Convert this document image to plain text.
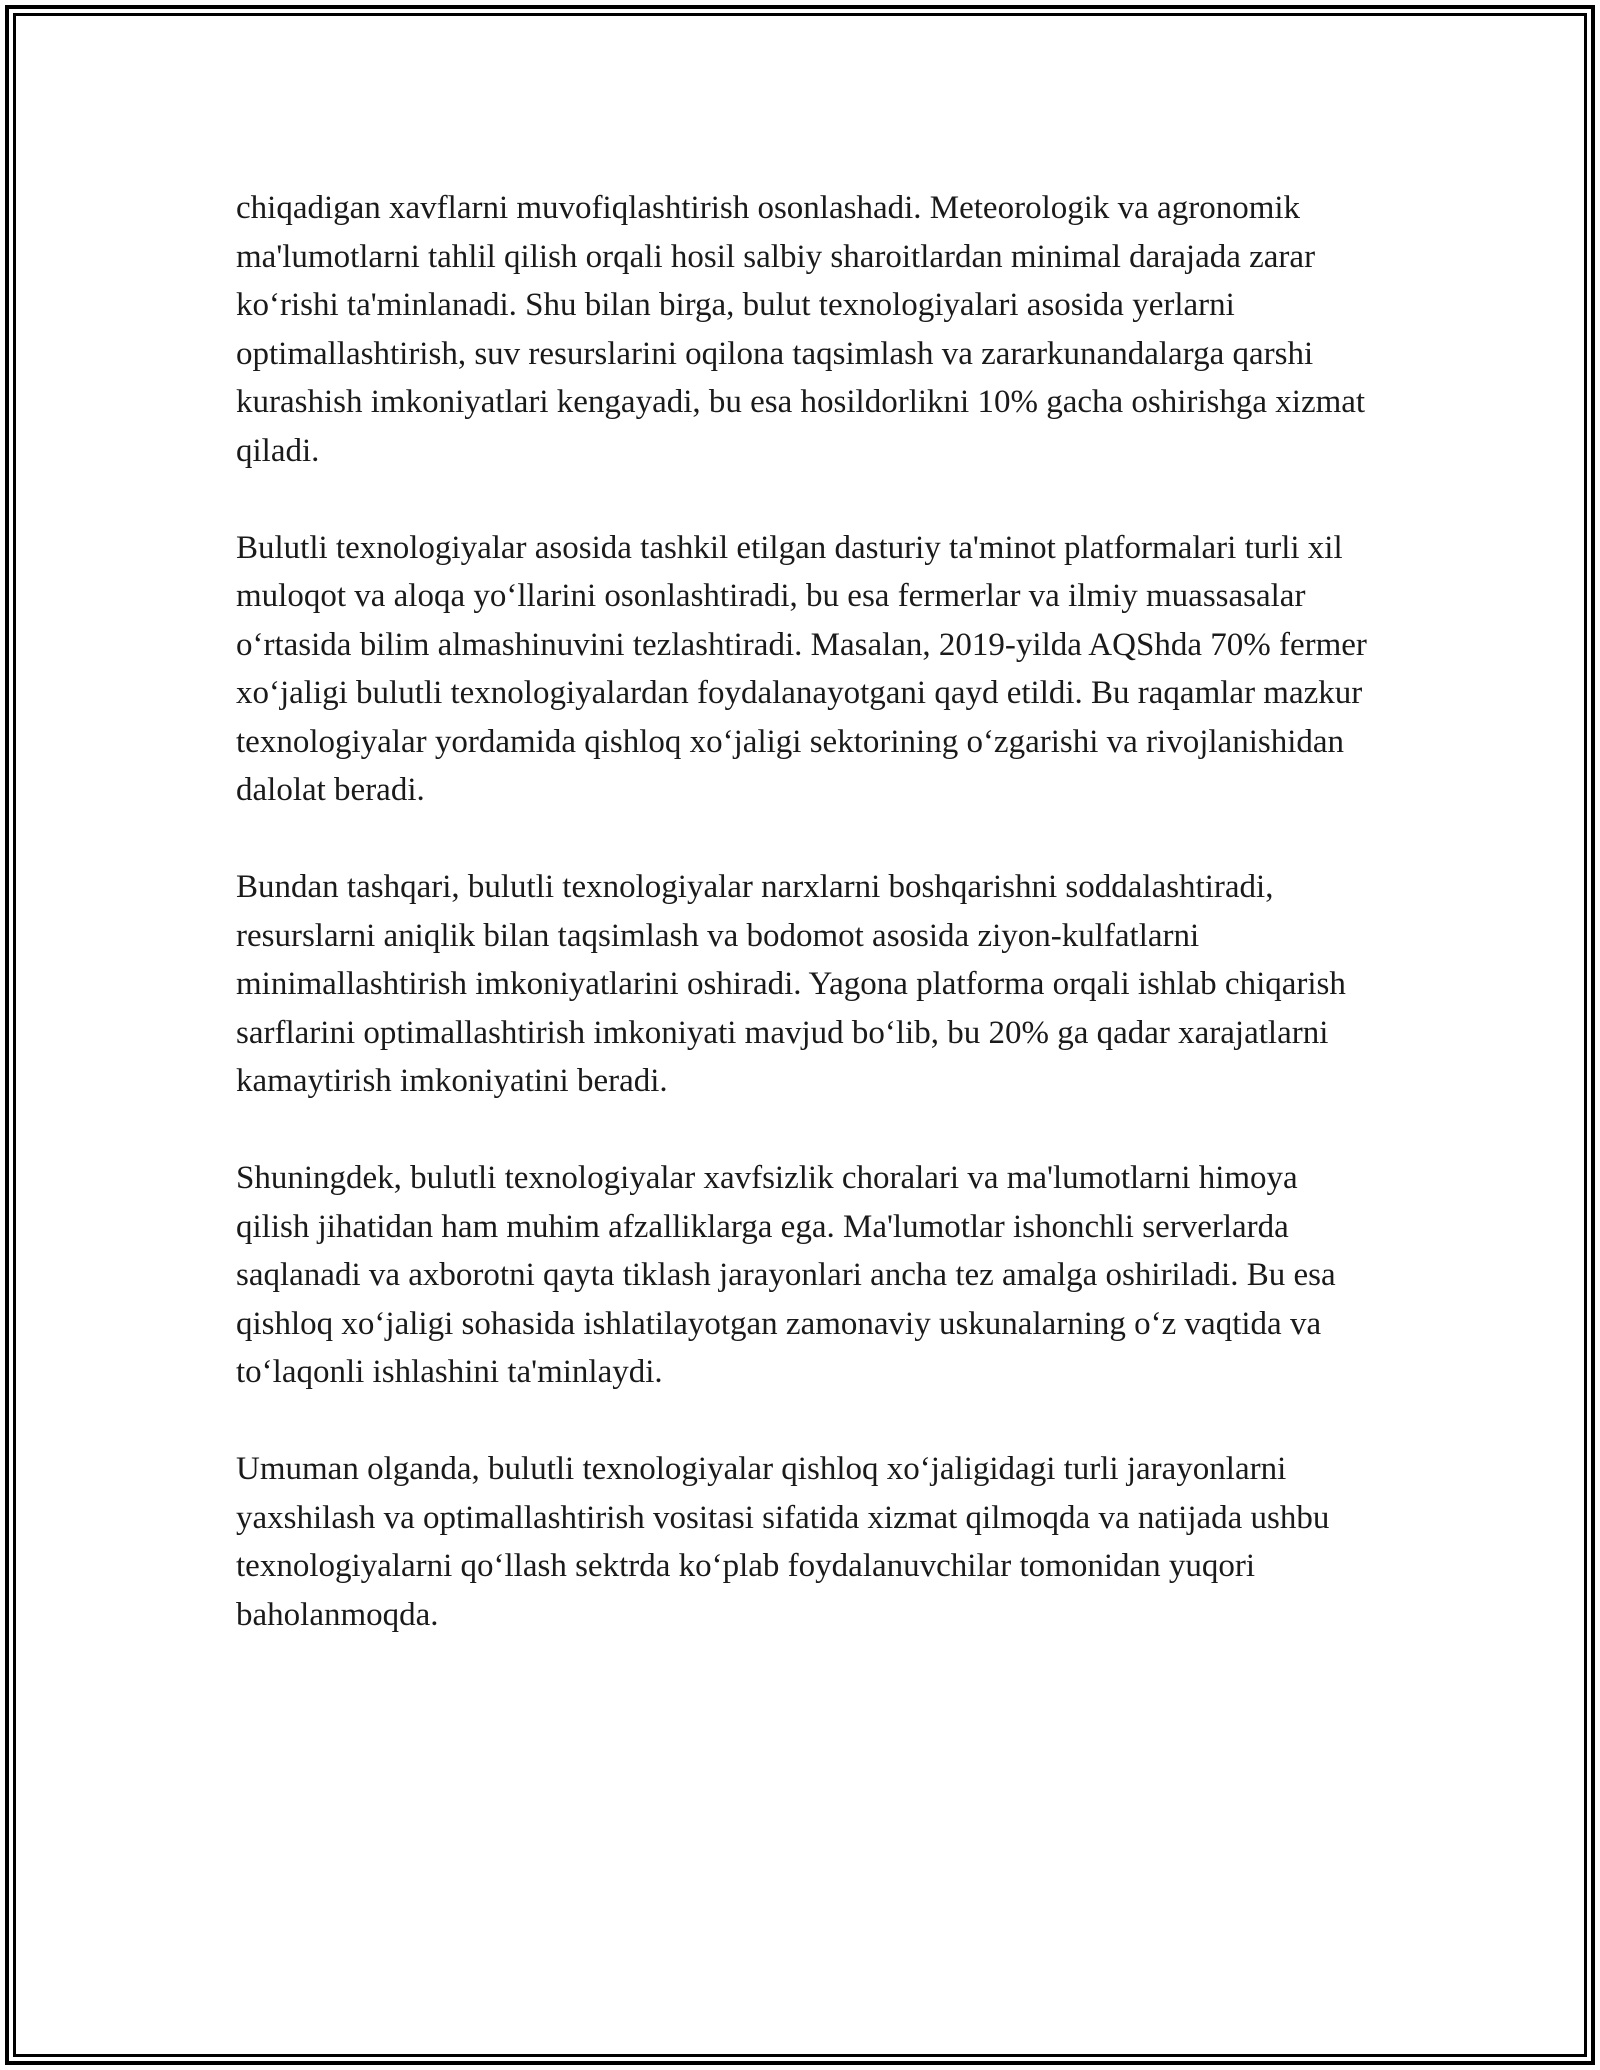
chiqadigan xavflarni muvofiqlashtirish osonlashadi. Meteorologik va agronomik ma'lumotlarni tahlil qilish orqali hosil salbiy sharoitlardan minimal darajada zarar ko‘rishi ta'minlanadi. Shu bilan birga, bulut texnologiyalari asosida yerlarni optimallashtirish, suv resurslarini oqilona taqsimlash va zararkunandalarga qarshi kurashish imkoniyatlari kengayadi, bu esa hosildorlikni 10% gacha oshirishga xizmat qiladi.

Bulutli texnologiyalar asosida tashkil etilgan dasturiy ta'minot platformalari turli xil muloqot va aloqa yo‘llarini osonlashtiradi, bu esa fermerlar va ilmiy muassasalar o‘rtasida bilim almashinuvini tezlashtiradi. Masalan, 2019-yilda AQShda 70% fermer xo‘jaligi bulutli texnologiyalardan foydalanayotgani qayd etildi. Bu raqamlar mazkur texnologiyalar yordamida qishloq xo‘jaligi sektorining o‘zgarishi va rivojlanishidan dalolat beradi.

Bundan tashqari, bulutli texnologiyalar narxlarni boshqarishni soddalashtiradi, resurslarni aniqlik bilan taqsimlash va bodomot asosida ziyon-kulfatlarni minimallashtirish imkoniyatlarini oshiradi. Yagona platforma orqali ishlab chiqarish sarflarini optimallashtirish imkoniyati mavjud bo‘lib, bu 20% ga qadar xarajatlarni kamaytirish imkoniyatini beradi.

Shuningdek, bulutli texnologiyalar xavfsizlik choralari va ma'lumotlarni himoya qilish jihatidan ham muhim afzalliklarga ega. Ma'lumotlar ishonchli serverlarda saqlanadi va axborotni qayta tiklash jarayonlari ancha tez amalga oshiriladi. Bu esa qishloq xo‘jaligi sohasida ishlatilayotgan zamonaviy uskunalarning o‘z vaqtida va to‘laqonli ishlashini ta'minlaydi.

Umuman olganda, bulutli texnologiyalar qishloq xo‘jaligidagi turli jarayonlarni yaxshilash va optimallashtirish vositasi sifatida xizmat qilmoqda va natijada ushbu texnologiyalarni qo‘llash sektrda ko‘plab foydalanuvchilar tomonidan yuqori baholanmoqda.
